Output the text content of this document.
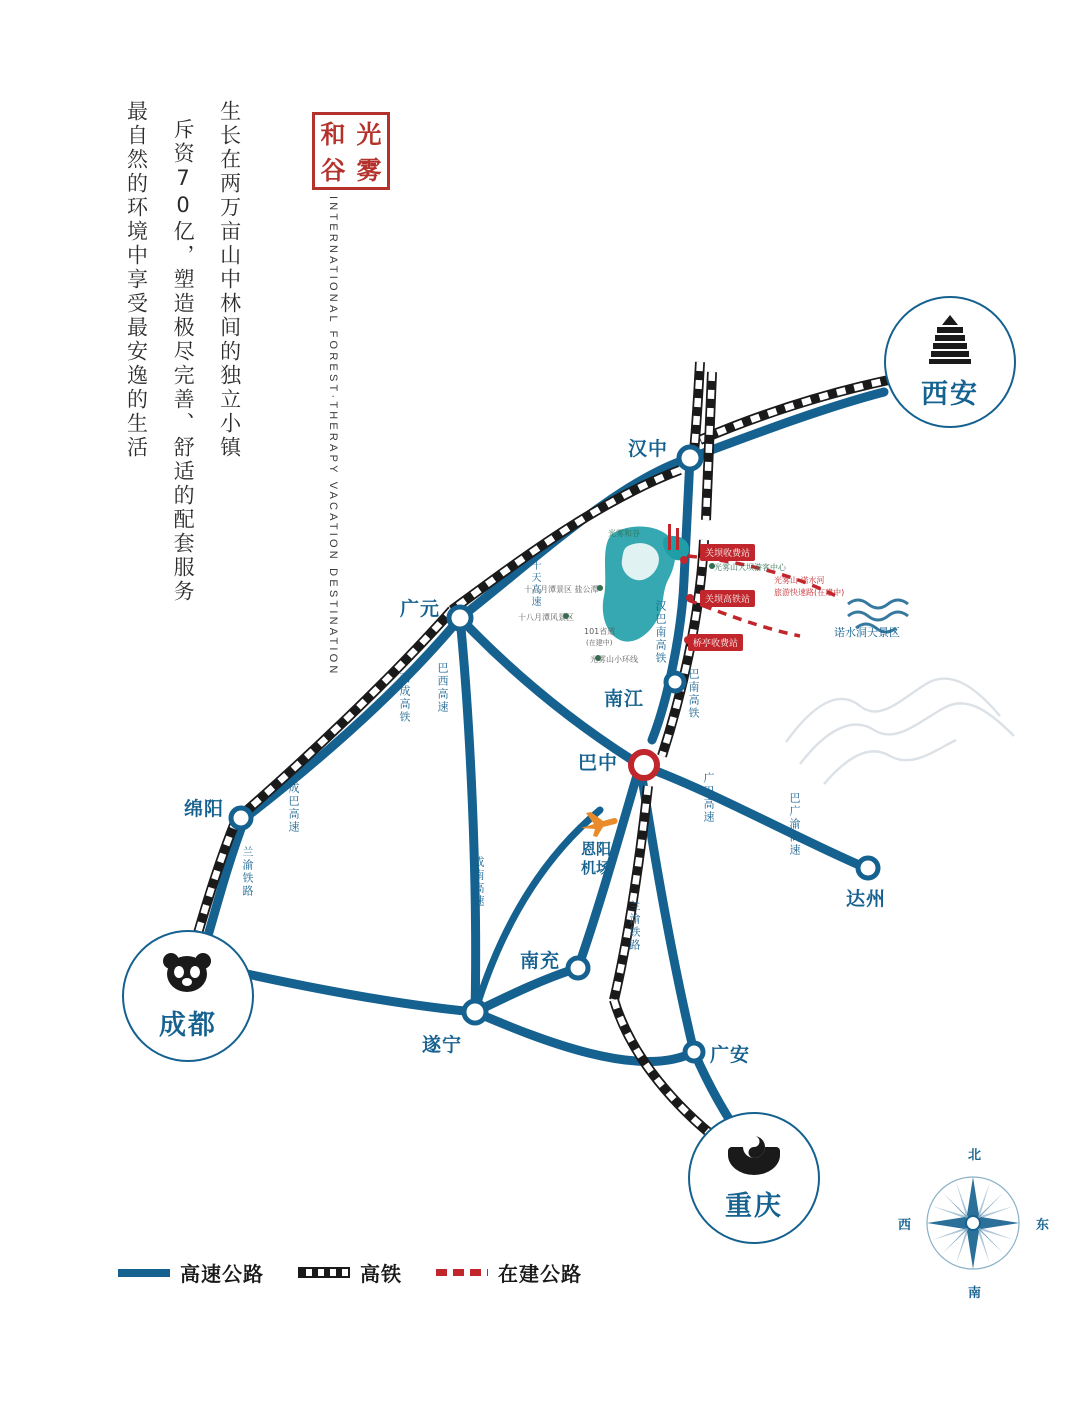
生长在两万亩山中林间的独立小镇
斥资70亿，塑造极尽完善、舒适的配套服务
最自然的环境中享受最安逸的生活	光
和
雾
谷
INTERNATIONAL FOREST·THERAPY VACATION DESTINATION	西安
成都
重庆
汉中
广元
南江
巴中
绵阳
达州
南充
遂宁	广安
十天高速
西成高铁 巴西高速
成巴高速
兰渝铁路
巴南高铁
汉巴南高铁
广巴高速	巴广渝高速
成南高速
兰渝铁路
光雾和谷
光雾山大坝游客中心
十八月潭景区 盐公潭
十八月潭风景区
101省道
(在建中)
光雾山小环线
诺水洞天景区
关坝收费站
关坝高铁站
桥亭收费站
光雾山·诺水河
旅游快速路(在建中)
恩阳
机场
高速公路	高铁	在建公路
北
南
东
西
